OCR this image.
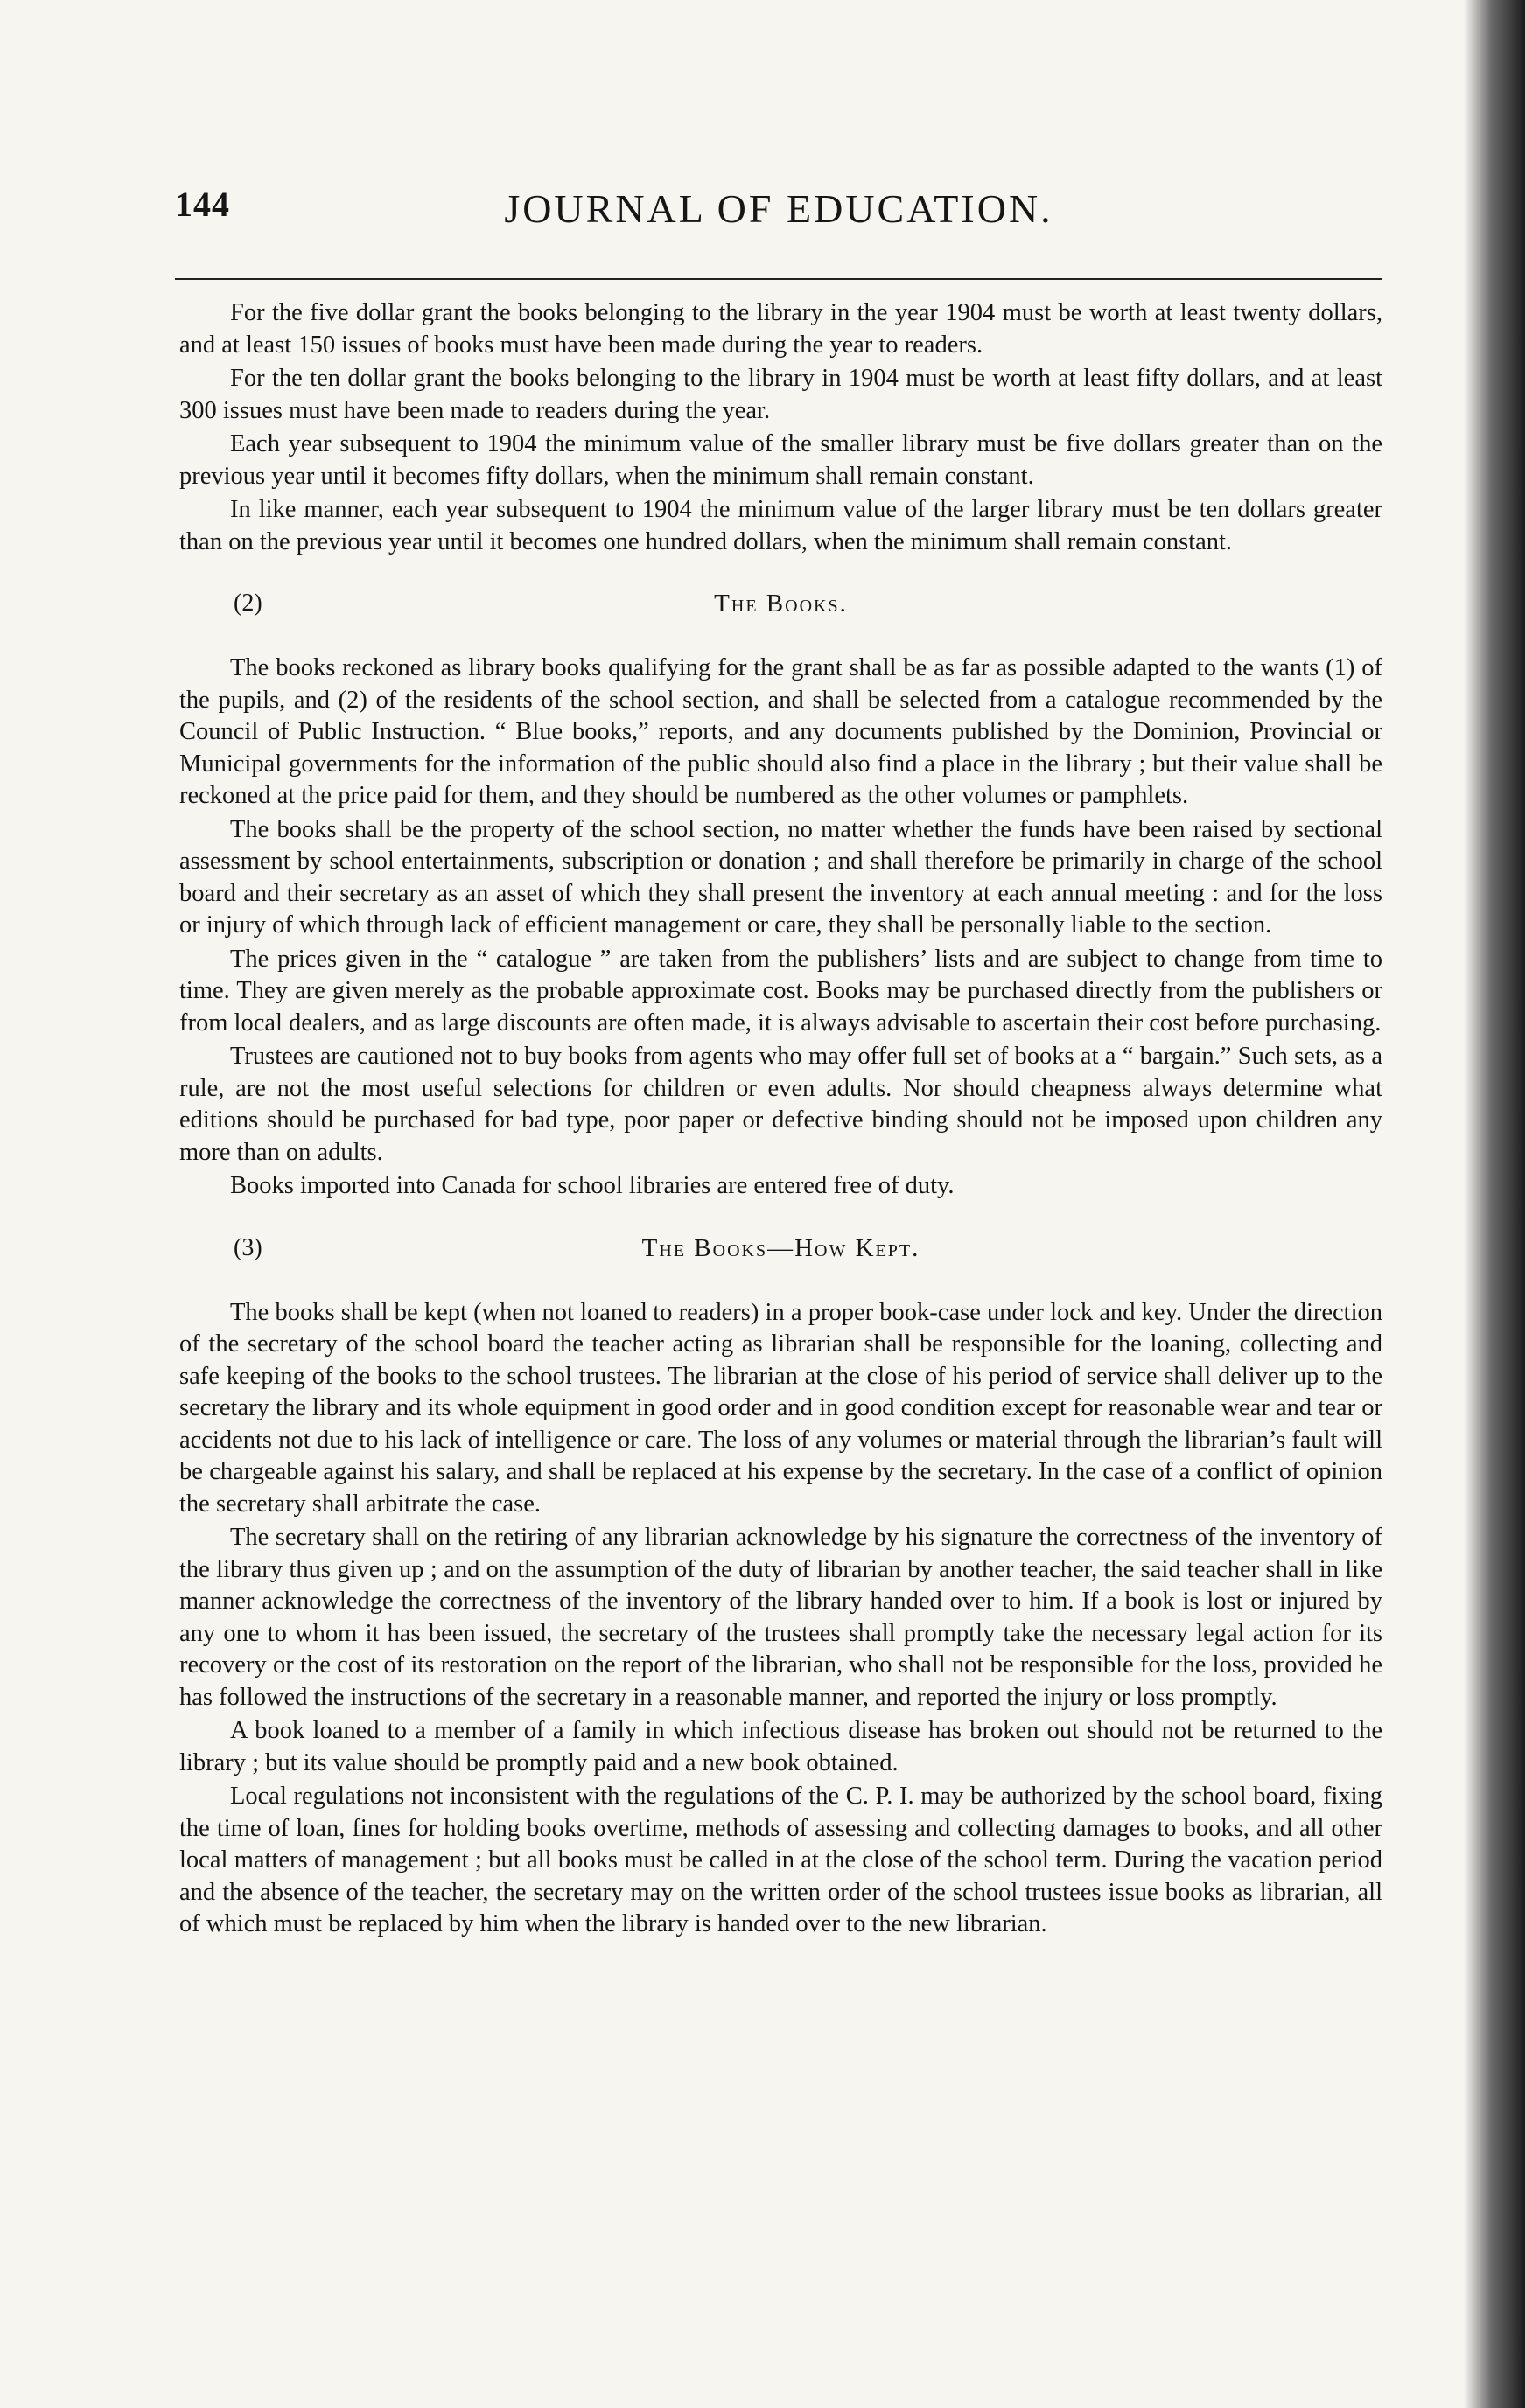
144	JOURNAL OF EDUCATION.

For the five dollar grant the books belonging to the library in the year 1904 must be worth at least twenty dollars, and at least 150 issues of books must have been made during the year to readers.

For the ten dollar grant the books belonging to the library in 1904 must be worth at least fifty dollars, and at least 300 issues must have been made to readers during the year.

Each year subsequent to 1904 the minimum value of the smaller library must be five dollars greater than on the previous year until it becomes fifty dollars, when the minimum shall remain constant.

In like manner, each year subsequent to 1904 the minimum value of the larger library must be ten dollars greater than on the previous year until it becomes one hundred dollars, when the minimum shall remain constant.

(2)	The Books.

The books reckoned as library books qualifying for the grant shall be as far as possible adapted to the wants (1) of the pupils, and (2) of the residents of the school section, and shall be selected from a catalogue recommended by the Council of Public Instruction. “ Blue books,” reports, and any documents published by the Dominion, Provincial or Municipal governments for the information of the public should also find a place in the library ; but their value shall be reckoned at the price paid for them, and they should be numbered as the other volumes or pamphlets.

The books shall be the property of the school section, no matter whether the funds have been raised by sectional assessment by school entertainments, subscription or donation ; and shall therefore be primarily in charge of the school board and their secretary as an asset of which they shall present the inventory at each annual meeting : and for the loss or injury of which through lack of efficient management or care, they shall be personally liable to the section.

The prices given in the “ catalogue ” are taken from the publishers’ lists and are subject to change from time to time. They are given merely as the probable approximate cost. Books may be purchased directly from the publishers or from local dealers, and as large discounts are often made, it is always advisable to ascertain their cost before purchasing.

Trustees are cautioned not to buy books from agents who may offer full set of books at a “ bargain.” Such sets, as a rule, are not the most useful selections for children or even adults. Nor should cheapness always determine what editions should be purchased for bad type, poor paper or defective binding should not be imposed upon children any more than on adults.

Books imported into Canada for school libraries are entered free of duty.

(3)	The Books—How Kept.

The books shall be kept (when not loaned to readers) in a proper book-case under lock and key. Under the direction of the secretary of the school board the teacher acting as librarian shall be responsible for the loaning, collecting and safe keeping of the books to the school trustees. The librarian at the close of his period of service shall deliver up to the secretary the library and its whole equipment in good order and in good condition except for reasonable wear and tear or accidents not due to his lack of intelligence or care. The loss of any volumes or material through the librarian’s fault will be chargeable against his salary, and shall be replaced at his expense by the secretary. In the case of a conflict of opinion the secretary shall arbitrate the case.

The secretary shall on the retiring of any librarian acknowledge by his signature the correctness of the inventory of the library thus given up ; and on the assumption of the duty of librarian by another teacher, the said teacher shall in like manner acknowledge the correctness of the inventory of the library handed over to him. If a book is lost or injured by any one to whom it has been issued, the secretary of the trustees shall promptly take the necessary legal action for its recovery or the cost of its restoration on the report of the librarian, who shall not be responsible for the loss, provided he has followed the instructions of the secretary in a reasonable manner, and reported the injury or loss promptly.

A book loaned to a member of a family in which infectious disease has broken out should not be returned to the library ; but its value should be promptly paid and a new book obtained.

Local regulations not inconsistent with the regulations of the C. P. I. may be authorized by the school board, fixing the time of loan, fines for holding books overtime, methods of assessing and collecting damages to books, and all other local matters of management ; but all books must be called in at the close of the school term. During the vacation period and the absence of the teacher, the secretary may on the written order of the school trustees issue books as librarian, all of which must be replaced by him when the library is handed over to the new librarian.
